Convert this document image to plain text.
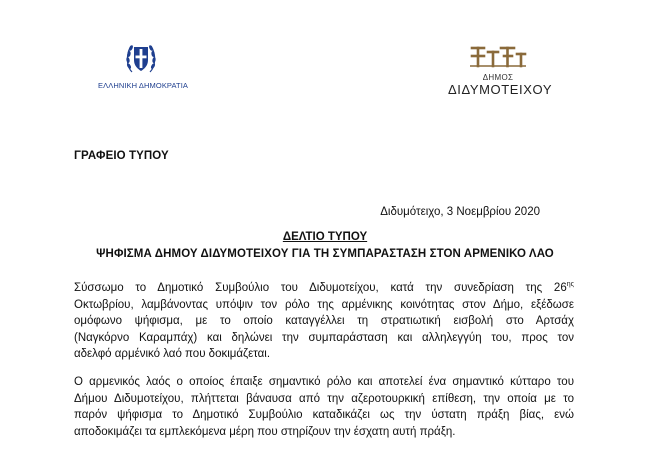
ΕΛΛΗΝΙΚΗ ΔΗΜΟΚΡΑΤΙΑ
ΔΗΜΟΣ
ΔΙΔΥΜΟΤΕΙΧΟΥ
ΓΡΑΦΕΙΟ ΤΥΠΟΥ
Διδυμότειχο, 3 Νοεμβρίου 2020
ΔΕΛΤΙΟ ΤΥΠΟΥ
ΨΗΦΙΣΜΑ ΔΗΜΟΥ ΔΙΔΥΜΟΤΕΙΧΟΥ ΓΙΑ ΤΗ ΣΥΜΠΑΡΑΣΤΑΣΗ ΣΤΟΝ ΑΡΜΕΝΙΚΟ ΛΑΟ
Σύσσωμο το Δημοτικό Συμβούλιο του Διδυμοτείχου, κατά την συνεδρίαση της $26^{\eta\varsigma}$
Οκτωβρίου, λαμβάνοντας υπόψιν τον ρόλο της αρμένικης κοινότητας στον Δήμο, εξέδωσε
ομόφωνο ψήφισμα, με το οποίο καταγγέλλει τη στρατιωτική εισβολή στο Αρτσάχ
(Ναγκόρνο Καραμπάχ) και δηλώνει την συμπαράσταση και αλληλεγγύη του, προς τον
αδελφό αρμένικό λαό που δοκιμάζεται.
Ο αρμενικός λαός ο οποίος έπαιξε σημαντικό ρόλο και αποτελεί ένα σημαντικό κύτταρο του
Δήμου Διδυμοτείχου, πλήττεται βάναυσα από την αζεροτουρκική επίθεση, την οποία με το
παρόν ψήφισμα το Δημοτικό Συμβούλιο καταδικάζει ως την ύστατη πράξη βίας, ενώ
αποδοκιμάζει τα εμπλεκόμενα μέρη που στηρίζουν την έσχατη αυτή πράξη.
